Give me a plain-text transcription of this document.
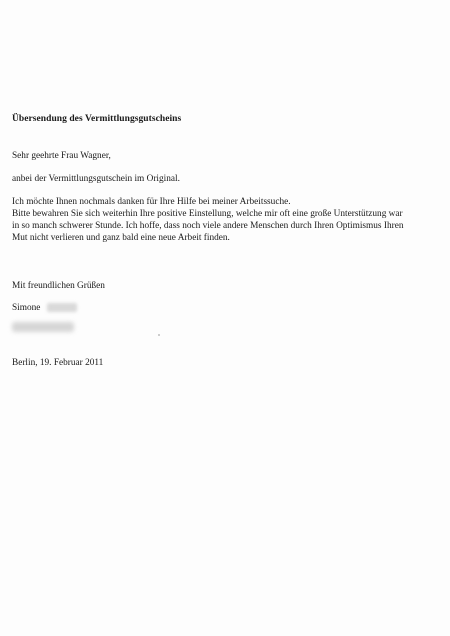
Übersendung des Vermittlungsgutscheins
Sehr geehrte Frau Wagner,
anbei der Vermittlungsgutschein im Original.
Ich möchte Ihnen nochmals danken für Ihre Hilfe bei meiner Arbeitssuche.
Bitte bewahren Sie sich weiterhin Ihre positive Einstellung, welche mir oft eine große Unterstützung war
in so manch schwerer Stunde. Ich hoffe, dass noch viele andere Menschen durch Ihren Optimismus Ihren
Mut nicht verlieren und ganz bald eine neue Arbeit finden.
Mit freundlichen Grüßen
Simone
Berlin, 19. Februar 2011
